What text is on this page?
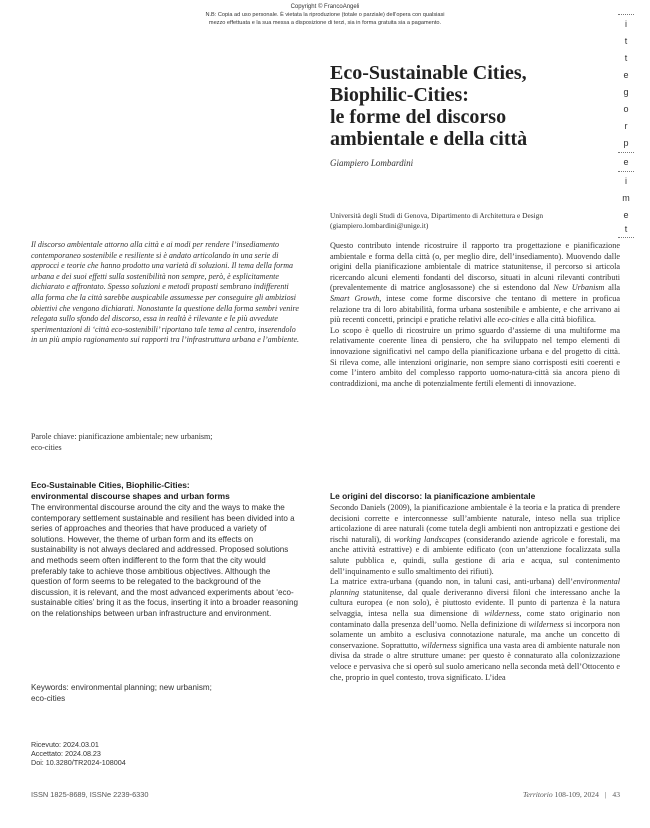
Copyright © FrancoAngeli
N.B: Copia ad uso personale. È vietata la riproduzione (totale o parziale) dell’opera con qualsiasi
mezzo effettuata e la sua messa a disposizione di terzi, sia in forma gratuita sia a pagamento.	i
t
t
e
g
o
r
p
e
i
m
e
t
Eco-Sustainable Cities,
Biophilic-Cities:
le forme del discorso
ambientale e della città
Giampiero Lombardini
Università degli Studi di Genova, Dipartimento di Architettura e Design
(giampiero.lombardini@unige.it)

Il discorso ambientale attorno alla città e ai modi per rendere l’insediamento contemporaneo sostenibile e resiliente si è andato articolando in una serie di approcci e teorie che hanno prodotto una varietà di soluzioni. Il tema della forma urbana e dei suoi effetti sulla sostenibilità non sempre, però, è esplicitamente dichiarato e affrontato. Spesso soluzioni e metodi proposti sembrano indifferenti alla forma che la città sarebbe auspicabile assumesse per conseguire gli ambiziosi obiettivi che vengono dichiarati. Nonostante la questione della forma sembri venire relegata sullo sfondo del discorso, essa in realtà è rilevante e le più avvedute sperimentazioni di ‘città eco-sostenibili’ riportano tale tema al centro, inserendolo in un più ampio ragionamento sui rapporti tra l’infrastruttura urbana e l’ambiente.

Parole chiave: pianificazione ambientale; new urbanism;
eco-cities
Eco-Sustainable Cities, Biophilic-Cities:
environmental discourse shapes and urban forms

The environmental discourse around the city and the ways to make the contemporary settlement sustainable and resilient has been divided into a series of approaches and theories that have produced a variety of solutions. However, the theme of urban form and its effects on sustainability is not always declared and addressed. Proposed solutions and methods seem often indifferent to the form that the city would preferably take to achieve those ambitious objectives. Although the question of form seems to be relegated to the background of the discussion, it is relevant, and the most advanced experiments about ‘eco-sustainable cities’ bring it as the focus, inserting it into a broader reasoning on the relationships between urban infrastructure and environment.

Keywords: environmental planning; new urbanism;
eco-cities
Ricevuto: 2024.03.01
Accettato: 2024.08.23
Doi: 10.3280/TR2024-108004

Questo contributo intende ricostruire il rapporto tra progettazione e pianificazione ambientale e forma della città (o, per meglio dire, dell’insediamento). Muovendo dalle origini della pianificazione ambientale di matrice statunitense, il percorso si articola ricercando alcuni elementi fondanti del discorso, situati in alcuni rilevanti contributi (prevalentemente di matrice anglosassone) che si estendono dal New Urbanism alla Smart Growth, intese come forme discorsive che tentano di mettere in proficua relazione tra di loro abitabilità, forma urbana sostenibile e ambiente, e che arrivano ai più recenti concetti, principi e pratiche relativi alle eco-cities e alla città biofilica.

Lo scopo è quello di ricostruire un primo sguardo d’assieme di una multiforme ma relativamente coerente linea di pensiero, che ha sviluppato nel tempo elementi di innovazione significativi nel campo della pianificazione urbana e del progetto di città. Si rileva come, alle intenzioni originarie, non sempre siano corrisposti esiti coerenti e come l’intero ambito del complesso rapporto uomo-natura-città sia ancora pieno di contraddizioni, ma anche di potenzialmente fertili elementi di innovazione.

Le origini del discorso: la pianificazione ambientale

Secondo Daniels (2009), la pianificazione ambientale è la teoria e la pratica di prendere decisioni corrette e interconnesse sull’ambiente naturale, inteso nella sua triplice articolazione di aree naturali (come tutela degli ambienti non antropizzati e gestione dei rischi naturali), di working landscapes (considerando aziende agricole e forestali, ma anche attività estrattive) e di ambiente edificato (con un’attenzione focalizzata sulla salute pubblica e, quindi, sulla gestione di aria e acqua, sul contenimento dell’inquinamento e sullo smaltimento dei rifiuti).

La matrice extra-urbana (quando non, in taluni casi, anti-urbana) dell’environmental planning statunitense, dal quale deriveranno diversi filoni che interessano anche la cultura europea (e non solo), è piuttosto evidente. Il punto di partenza è la natura selvaggia, intesa nella sua dimensione di wilderness, come stato originario non contaminato dalla presenza dell’uomo. Nella definizione di wilderness si incorpora non solamente un ambito a esclusiva connotazione naturale, ma anche un concetto di conservazione. Soprattutto, wilderness significa una vasta area di ambiente naturale non divisa da strade o altre strutture umane: per questo è connaturato alla colonizzazione veloce e pervasiva che si operò sul suolo americano nella seconda metà dell’Ottocento e che, proprio in quel contesto, trova significato. L’idea

ISSN 1825-8689, ISSNe 2239-6330	Territorio 108-109, 2024 | 43
